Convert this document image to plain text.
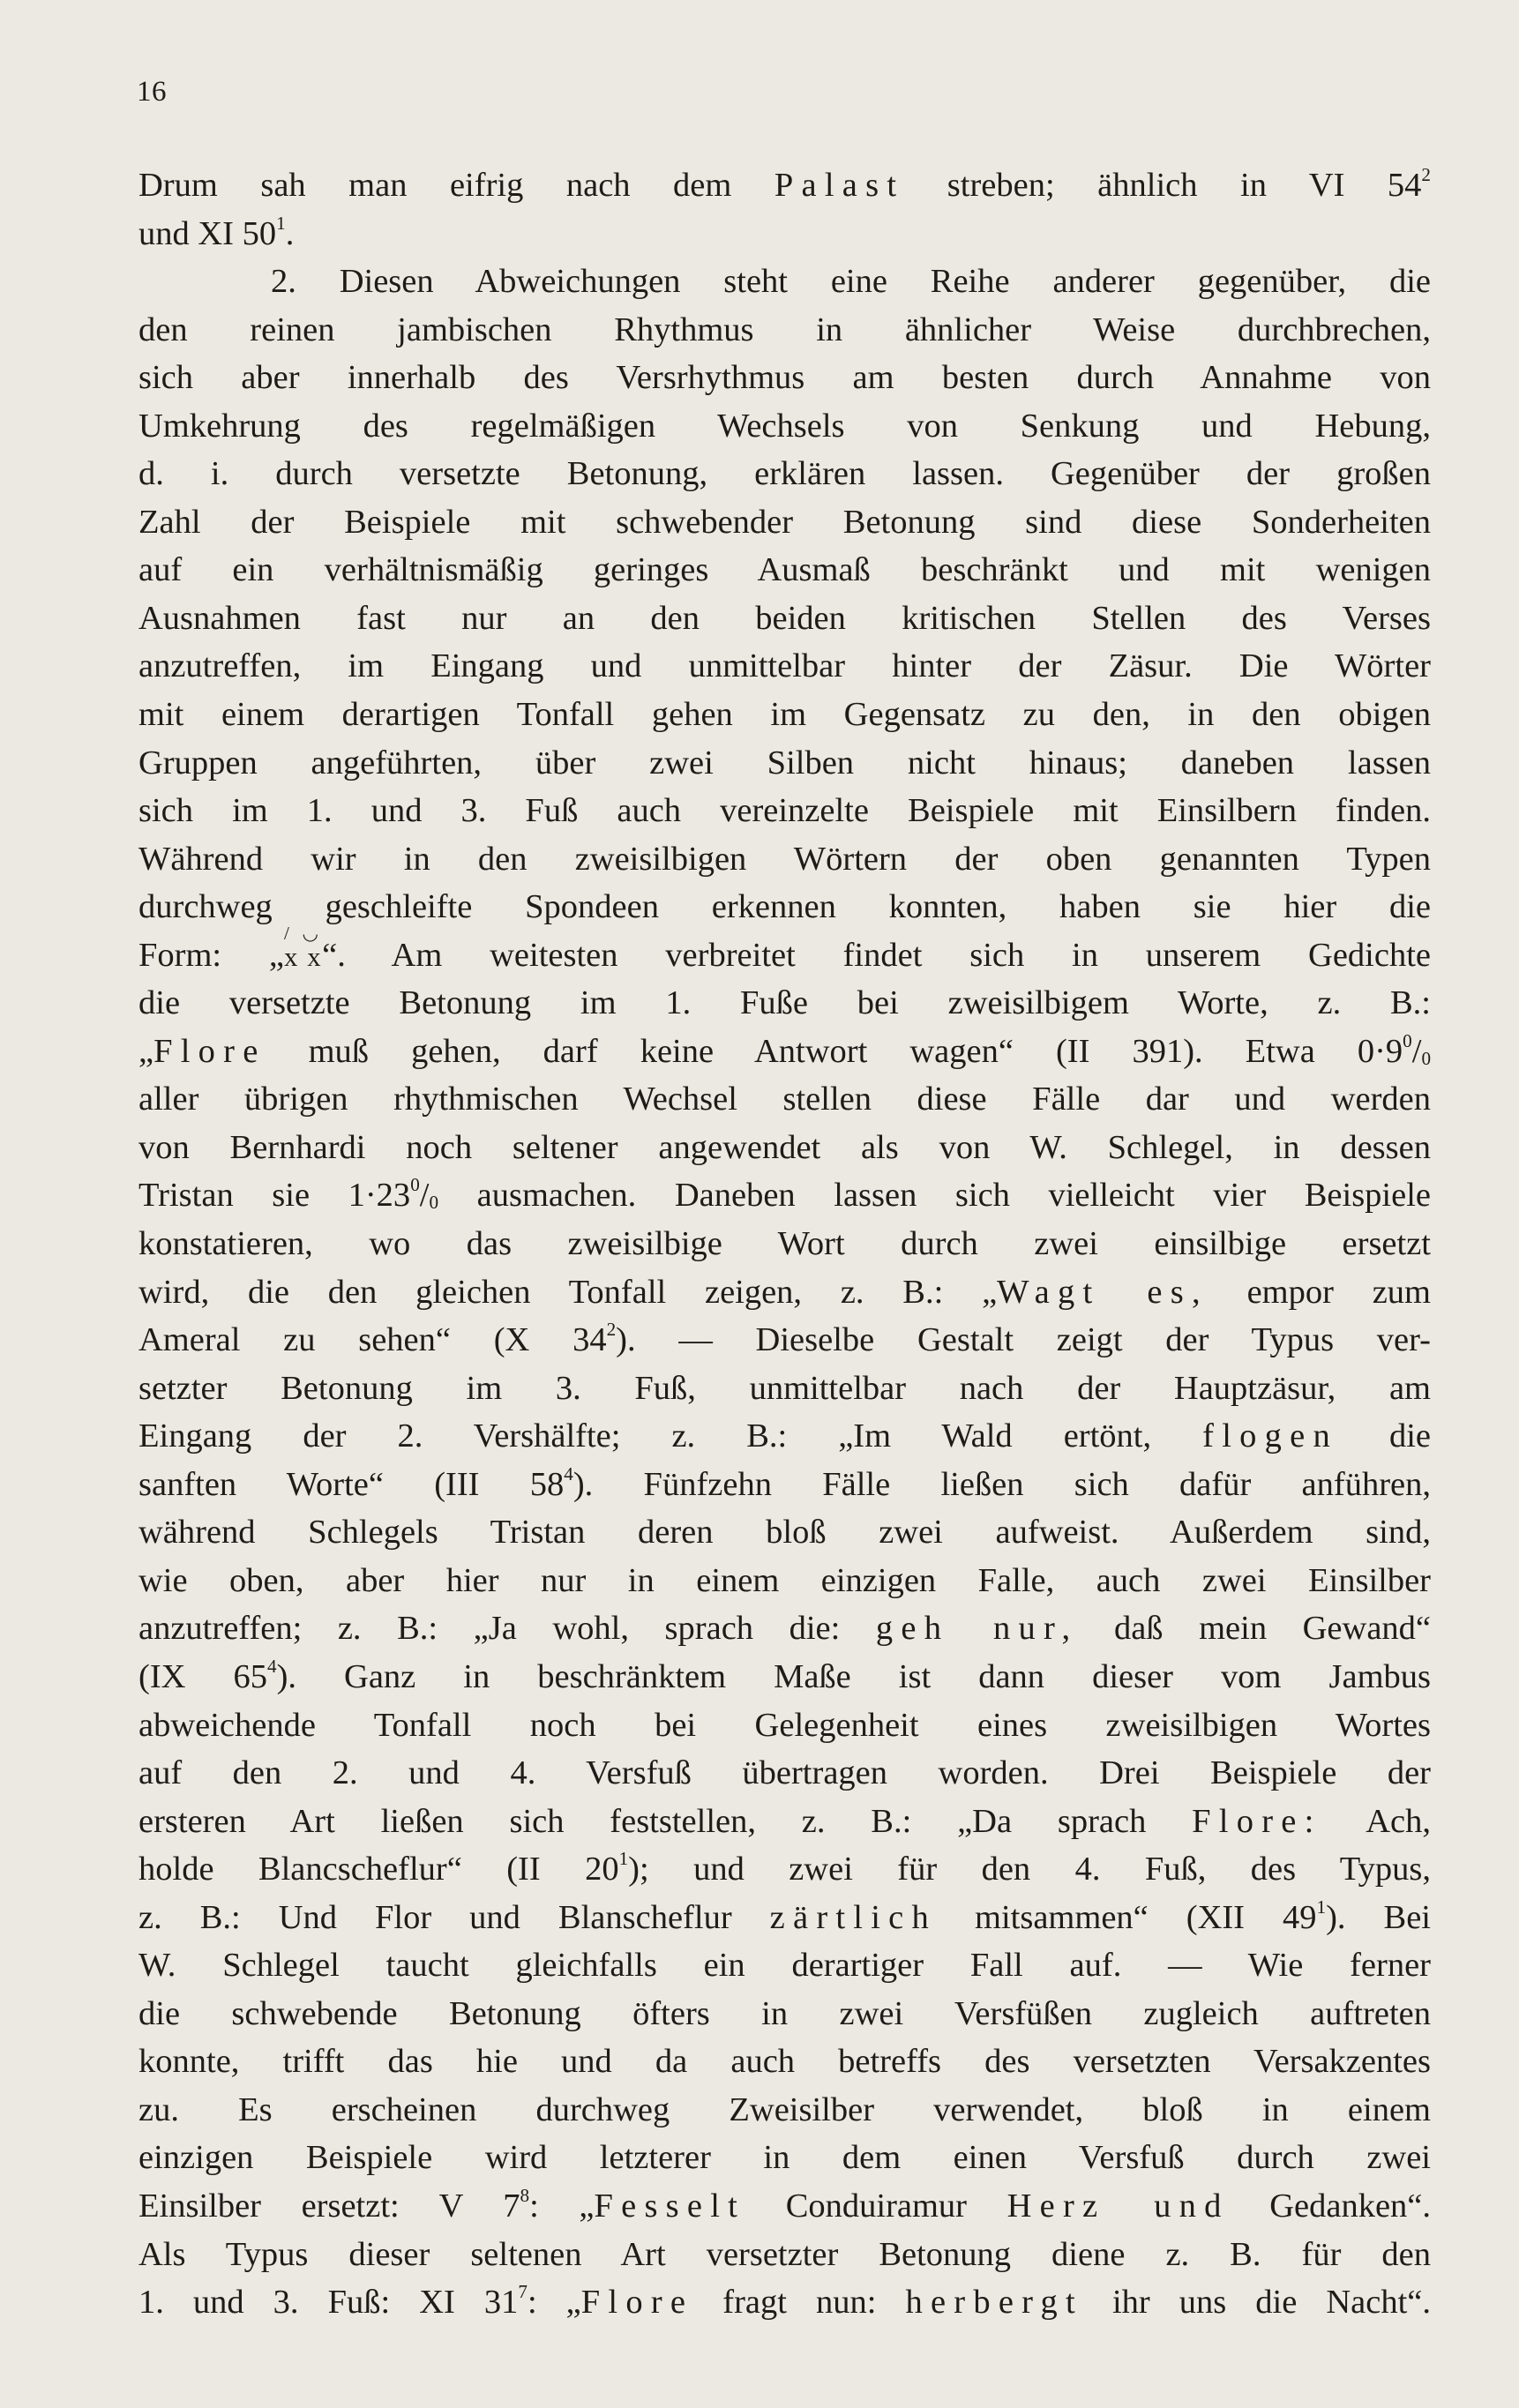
16
Drum sah man eifrig nach dem Palast streben; ähnlich in VI $54^2$
und XI $50^1$.
2. Diesen Abweichungen steht eine Reihe anderer gegenüber, die
den reinen jambischen Rhythmus in ähnlicher Weise durchbrechen,
sich aber innerhalb des Versrhythmus am besten durch Annahme von
Umkehrung des regelmäßigen Wechsels von Senkung und Hebung,
d. i. durch versetzte Betonung, erklären lassen. Gegenüber der großen
Zahl der Beispiele mit schwebender Betonung sind diese Sonderheiten
auf ein verhältnismäßig geringes Ausmaß beschränkt und mit wenigen
Ausnahmen fast nur an den beiden kritischen Stellen des Verses
anzutreffen, im Eingang und unmittelbar hinter der Zäsur. Die Wörter
mit einem derartigen Tonfall gehen im Gegensatz zu den, in den obigen
Gruppen angeführten, über zwei Silben nicht hinaus; daneben lassen
sich im 1. und 3. Fuß auch vereinzelte Beispiele mit Einsilbern finden.
Während wir in den zweisilbigen Wörtern der oben genannten Typen
durchweg geschleifte Spondeen erkennen konnten, haben sie hier die
Form: „
/ ◡
x x“. Am weitesten verbreitet findet sich in unserem Gedichte
die versetzte Betonung im 1. Fuße bei zweisilbigem Worte, z. B.:
„Flore muß gehen, darf keine Antwort wagen“ (II 391). Etwa $0\cdot 9^0/_0$
aller übrigen rhythmischen Wechsel stellen diese Fälle dar und werden
von Bernhardi noch seltener angewendet als von W. Schlegel, in dessen
Tristan sie $1\cdot 23^0/_0$ ausmachen. Daneben lassen sich vielleicht vier Beispiele
konstatieren, wo das zweisilbige Wort durch zwei einsilbige ersetzt
wird, die den gleichen Tonfall zeigen, z. B.: „Wagt es, empor zum
Ameral zu sehen“ (X $34^2$). — Dieselbe Gestalt zeigt der Typus ver-
setzter Betonung im 3. Fuß, unmittelbar nach der Hauptzäsur, am
Eingang der 2. Vershälfte; z. B.: „Im Wald ertönt, flogen die
sanften Worte“ (III $58^4$). Fünfzehn Fälle ließen sich dafür anführen,
während Schlegels Tristan deren bloß zwei aufweist. Außerdem sind,
wie oben, aber hier nur in einem einzigen Falle, auch zwei Einsilber
anzutreffen; z. B.: „Ja wohl, sprach die: geh nur, daß mein Gewand“
(IX $65^4$). Ganz in beschränktem Maße ist dann dieser vom Jambus
abweichende Tonfall noch bei Gelegenheit eines zweisilbigen Wortes
auf den 2. und 4. Versfuß übertragen worden. Drei Beispiele der
ersteren Art ließen sich feststellen, z. B.: „Da sprach Flore: Ach,
holde Blancscheflur“ (II $20^1$); und zwei für den 4. Fuß, des Typus,
z. B.: Und Flor und Blanscheflur zärtlich mitsammen“ (XII $49^1$). Bei
W. Schlegel taucht gleichfalls ein derartiger Fall auf. — Wie ferner
die schwebende Betonung öfters in zwei Versfüßen zugleich auftreten
konnte, trifft das hie und da auch betreffs des versetzten Versakzentes
zu. Es erscheinen durchweg Zweisilber verwendet, bloß in einem
einzigen Beispiele wird letzterer in dem einen Versfuß durch zwei
Einsilber ersetzt: V $7^8$: „Fesselt Conduiramur Herz und Gedanken“.
Als Typus dieser seltenen Art versetzter Betonung diene z. B. für den
1. und 3. Fuß: XI $31^7$: „Flore fragt nun: herbergt ihr uns die Nacht“.
